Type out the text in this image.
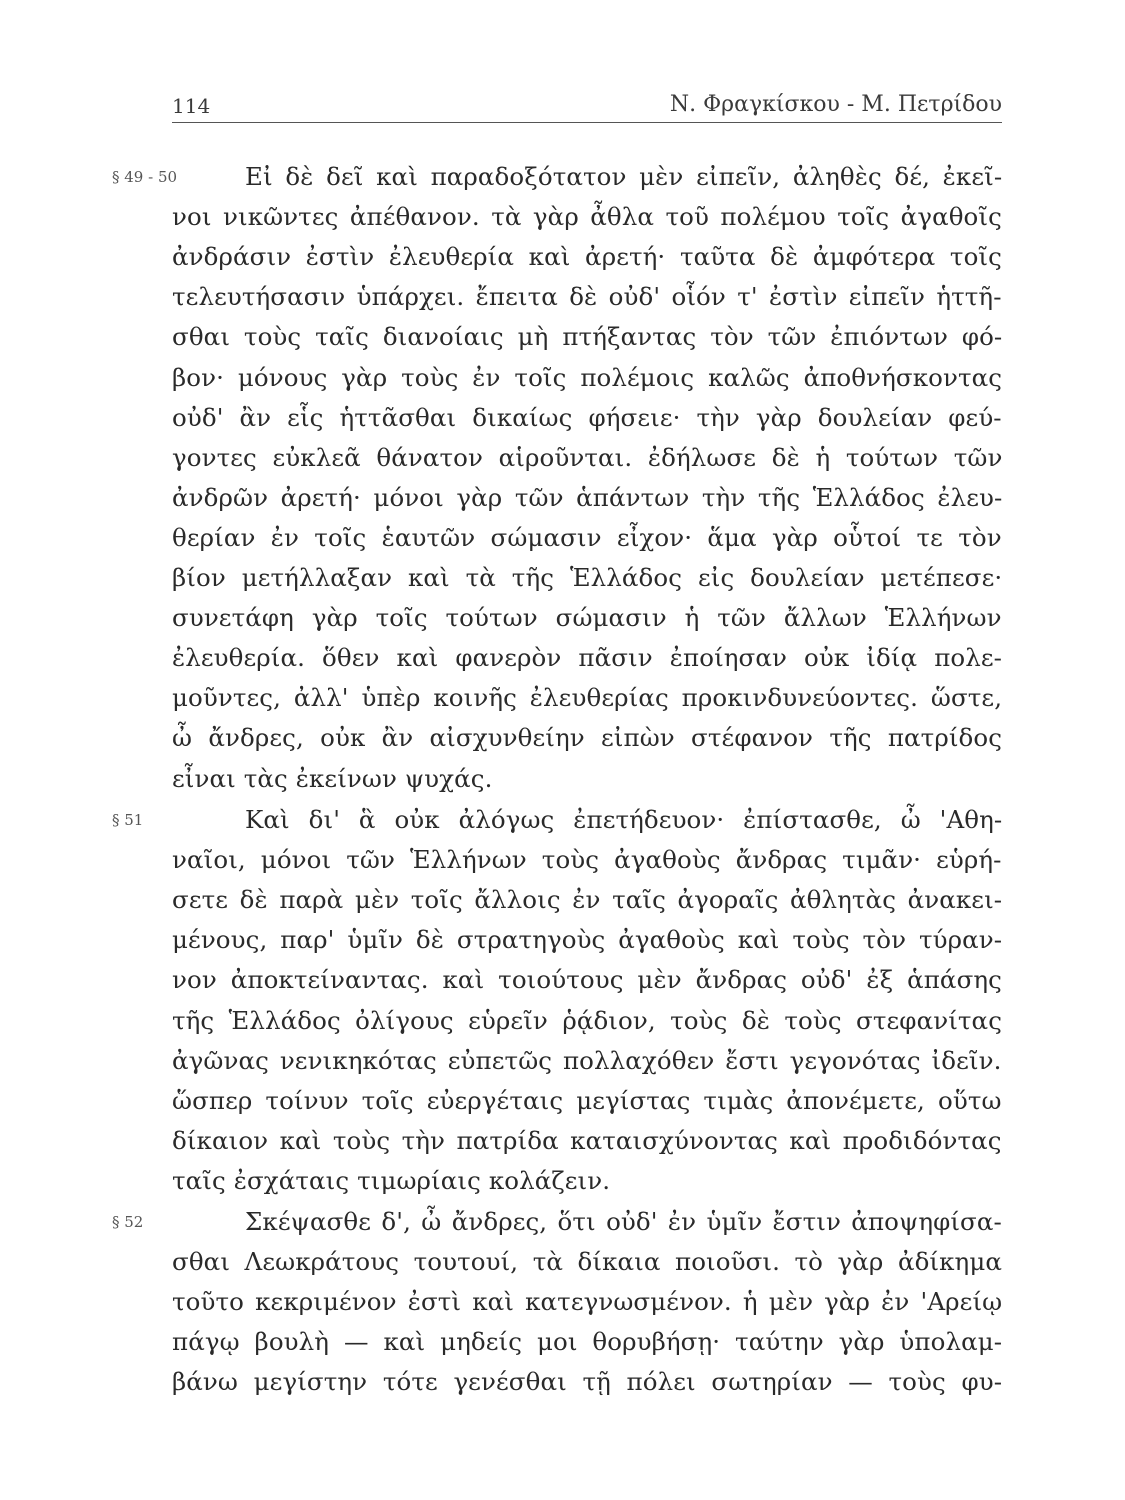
114	Ν. Φραγκίσκου - Μ. Πετρίδου
§ 49 - 50	Εἰ δὲ δεῖ καὶ παραδοξότατον μὲν εἰπεῖν, ἀληθὲς δέ, ἐκεῖ-
νοι νικῶντες ἀπέθανον. τὰ γὰρ ἆθλα τοῦ πολέμου τοῖς ἀγαθοῖς
ἀνδράσιν ἐστὶν ἐλευθερία καὶ ἀρετή· ταῦτα δὲ ἀμφότερα τοῖς
τελευτήσασιν ὑπάρχει. ἔπειτα δὲ οὐδ' οἷόν τ' ἐστὶν εἰπεῖν ἡττῆ-
σθαι τοὺς ταῖς διανοίαις μὴ πτήξαντας τὸν τῶν ἐπιόντων φό-
βον· μόνους γὰρ τοὺς ἐν τοῖς πολέμοις καλῶς ἀποθνήσκοντας
οὐδ' ἂν εἷς ἡττᾶσθαι δικαίως φήσειε· τὴν γὰρ δουλείαν φεύ-
γοντες εὐκλεᾶ θάνατον αἱροῦνται. ἐδήλωσε δὲ ἡ τούτων τῶν
ἀνδρῶν ἀρετή· μόνοι γὰρ τῶν ἁπάντων τὴν τῆς Ἑλλάδος ἐλευ-
θερίαν ἐν τοῖς ἑαυτῶν σώμασιν εἶχον· ἅμα γὰρ οὗτοί τε τὸν
βίον μετήλλαξαν καὶ τὰ τῆς Ἑλλάδος εἰς δουλείαν μετέπεσε·
συνετάφη γὰρ τοῖς τούτων σώμασιν ἡ τῶν ἄλλων Ἑλλήνων
ἐλευθερία. ὅθεν καὶ φανερὸν πᾶσιν ἐποίησαν οὐκ ἰδίᾳ πολε-
μοῦντες, ἀλλ' ὑπὲρ κοινῆς ἐλευθερίας προκινδυνεύοντες. ὥστε,
ὦ ἄνδρες, οὐκ ἂν αἰσχυνθείην εἰπὼν στέφανον τῆς πατρίδος
εἶναι τὰς ἐκείνων ψυχάς.
§ 51	Καὶ δι' ἃ οὐκ ἀλόγως ἐπετήδευον· ἐπίστασθε, ὦ 'Αθη-
ναῖοι, μόνοι τῶν Ἑλλήνων τοὺς ἀγαθοὺς ἄνδρας τιμᾶν· εὑρή-
σετε δὲ παρὰ μὲν τοῖς ἄλλοις ἐν ταῖς ἀγοραῖς ἀθλητὰς ἀνακει-
μένους, παρ' ὑμῖν δὲ στρατηγοὺς ἀγαθοὺς καὶ τοὺς τὸν τύραν-
νον ἀποκτείναντας. καὶ τοιούτους μὲν ἄνδρας οὐδ' ἐξ ἁπάσης
τῆς Ἑλλάδος ὀλίγους εὑρεῖν ῥᾴδιον, τοὺς δὲ τοὺς στεφανίτας
ἀγῶνας νενικηκότας εὐπετῶς πολλαχόθεν ἔστι γεγονότας ἰδεῖν.
ὥσπερ τοίνυν τοῖς εὐεργέταις μεγίστας τιμὰς ἀπονέμετε, οὕτω
δίκαιον καὶ τοὺς τὴν πατρίδα καταισχύνοντας καὶ προδιδόντας
ταῖς ἐσχάταις τιμωρίαις κολάζειν.
§ 52	Σκέψασθε δ', ὦ ἄνδρες, ὅτι οὐδ' ἐν ὑμῖν ἔστιν ἀποψηφίσα-
σθαι Λεωκράτους τουτουί, τὰ δίκαια ποιοῦσι. τὸ γὰρ ἀδίκημα
τοῦτο κεκριμένον ἐστὶ καὶ κατεγνωσμένον. ἡ μὲν γὰρ ἐν 'Αρείῳ
πάγῳ βουλὴ — καὶ μηδείς μοι θορυβήσῃ· ταύτην γὰρ ὑπολαμ-
βάνω μεγίστην τότε γενέσθαι τῇ πόλει σωτηρίαν — τοὺς φυ-
